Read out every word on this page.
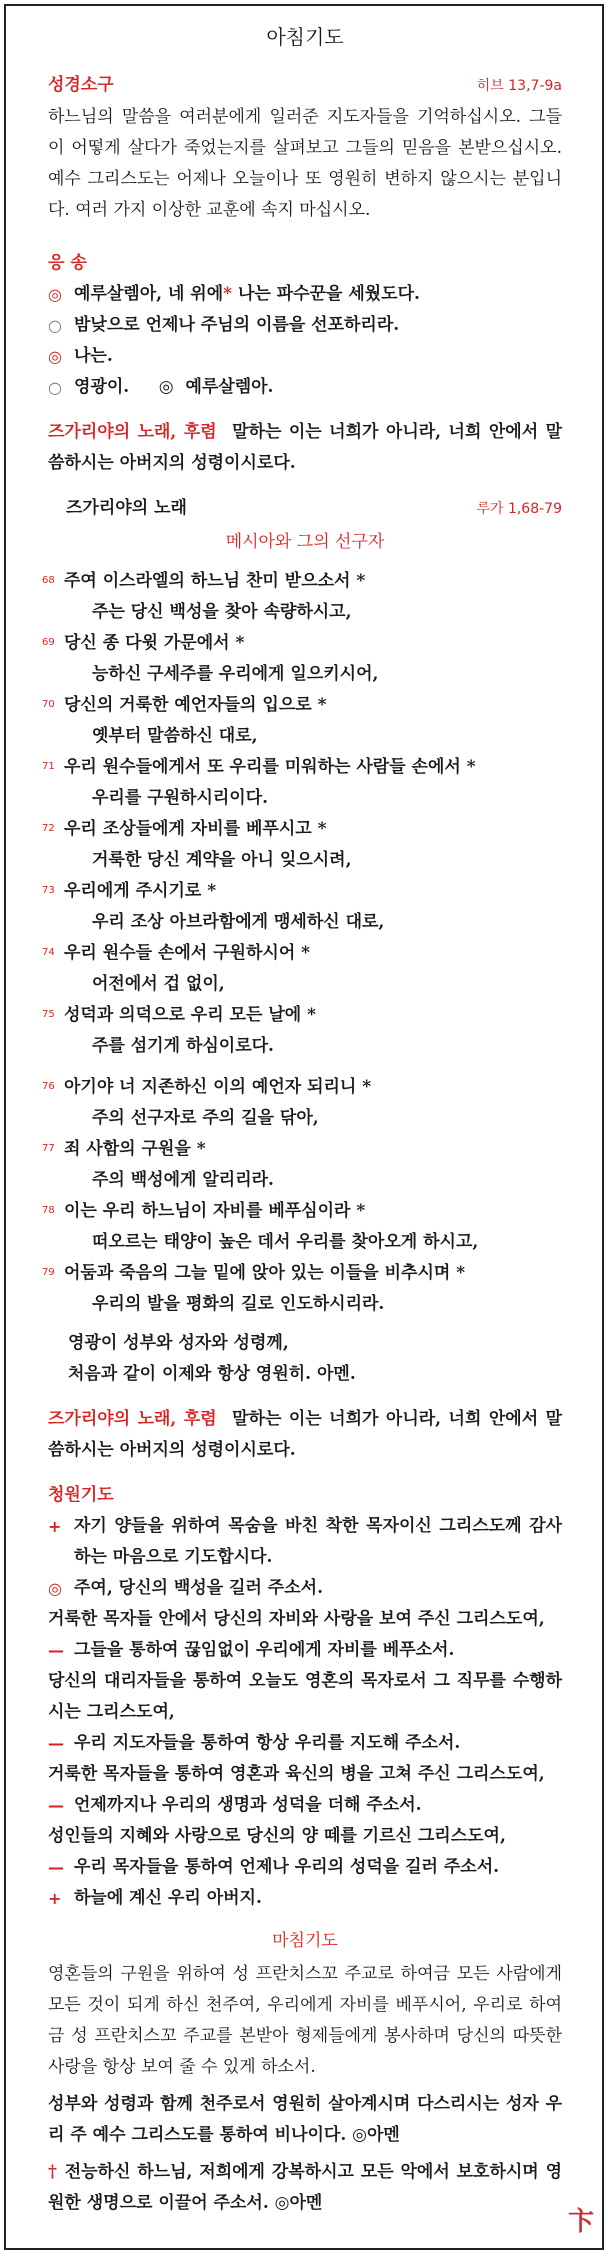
아침기도
성경소구	히브 13,7-9a
하느님의 말씀을 여러분에게 일러준 지도자들을 기억하십시오. 그들이 어떻게 살다가 죽었는지를 살펴보고 그들의 믿음을 본받으십시오. 예수 그리스도는 어제나 오늘이나 또 영원히 변하지 않으시는 분입니다. 여러 가지 이상한 교훈에 속지 마십시오.
응 송
◎ 예루살렘아, 네 위에* 나는 파수꾼을 세웠도다.
○ 밤낮으로 언제나 주님의 이름을 선포하리라.
◎ 나는.
○ 영광이.     ◎  예루살렘아.
즈가리야의 노래, 후렴 말하는 이는 너희가 아니라, 너희 안에서 말씀하시는 아버지의 성령이시로다.
즈가리야의 노래	루가 1,68-79
메시아와 그의 선구자
68 주여 이스라엘의 하느님 찬미 받으소서 *
주는 당신 백성을 찾아 속량하시고,
69 당신 종 다윗 가문에서 *
능하신 구세주를 우리에게 일으키시어,
70 당신의 거룩한 예언자들의 입으로 *
옛부터 말씀하신 대로,
71 우리 원수들에게서 또 우리를 미워하는 사람들 손에서 *
우리를 구원하시리이다.
72 우리 조상들에게 자비를 베푸시고 *
거룩한 당신 계약을 아니 잊으시려,
73 우리에게 주시기로 *
우리 조상 아브라함에게 맹세하신 대로,
74 우리 원수들 손에서 구원하시어 *
어전에서 겁 없이,
75 성덕과 의덕으로 우리 모든 날에 *
주를 섬기게 하심이로다.
76 아기야 너 지존하신 이의 예언자 되리니 *
주의 선구자로 주의 길을 닦아,
77 죄 사함의 구원을 *
주의 백성에게 알리리라.
78 이는 우리 하느님이 자비를 베푸심이라 *
떠오르는 태양이 높은 데서 우리를 찾아오게 하시고,
79 어둠과 죽음의 그늘 밑에 앉아 있는 이들을 비추시며 *
우리의 발을 평화의 길로 인도하시리라.
영광이 성부와 성자와 성령께,
처음과 같이 이제와 항상 영원히. 아멘.
즈가리야의 노래, 후렴 말하는 이는 너희가 아니라, 너희 안에서 말씀하시는 아버지의 성령이시로다.
청원기도
+ 자기 양들을 위하여 목숨을 바친 착한 목자이신 그리스도께 감사하는 마음으로 기도합시다.
◎ 주여, 당신의 백성을 길러 주소서.
거룩한 목자들 안에서 당신의 자비와 사랑을 보여 주신 그리스도여,
— 그들을 통하여 끊임없이 우리에게 자비를 베푸소서.
당신의 대리자들을 통하여 오늘도 영혼의 목자로서 그 직무를 수행하시는 그리스도여,
— 우리 지도자들을 통하여 항상 우리를 지도해 주소서.
거룩한 목자들을 통하여 영혼과 육신의 병을 고쳐 주신 그리스도여,
— 언제까지나 우리의 생명과 성덕을 더해 주소서.
성인들의 지혜와 사랑으로 당신의 양 떼를 기르신 그리스도여,
— 우리 목자들을 통하여 언제나 우리의 성덕을 길러 주소서.
+ 하늘에 계신 우리 아버지.
마침기도
영혼들의 구원을 위하여 성 프란치스꼬 주교로 하여금 모든 사람에게 모든 것이 되게 하신 천주여, 우리에게 자비를 베푸시어, 우리로 하여금 성 프란치스꼬 주교를 본받아 형제들에게 봉사하며 당신의 따뜻한 사랑을 항상 보여 줄 수 있게 하소서.
성부와 성령과 함께 천주로서 영원히 살아계시며 다스리시는 성자 우리 주 예수 그리스도를 통하여 비나이다. ◎아멘
† 전능하신 하느님, 저희에게 강복하시고 모든 악에서 보호하시며 영원한 생명으로 이끌어 주소서. ◎아멘
卞
